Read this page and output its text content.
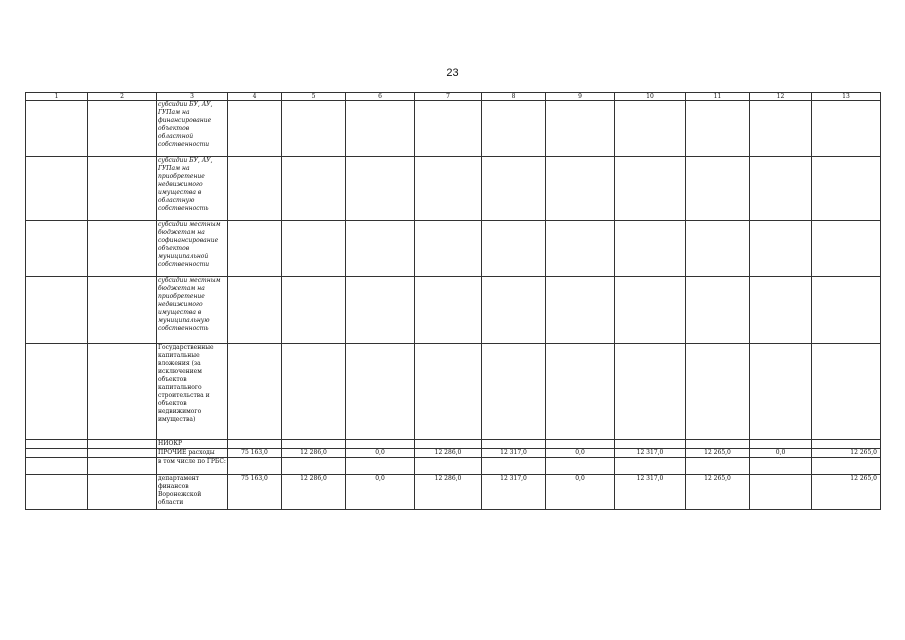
23
1	2	3	4	5	6	7	8	9	10	11	12	13
		субсидии БУ, АУ, ГУПам на финансирование объектов областной собственности										
		субсидии БУ, АУ, ГУПам на приобретение недвижимого имущества в областную собственность										
		субсидии местным бюджетам на софинансирование объектов муниципальной собственности										
		субсидии местным бюджетам на приобретение недвижимого имущества в муниципальную собственность										
		Государственные капитальные вложения (за исключением объектов капитального строительства и объектов недвижимого имущества)										
		НИОКР										
		ПРОЧИЕ расходы	75 163,0	12 286,0	0,0	12 286,0	12 317,0	0,0	12 317,0	12 265,0	0,0	12 265,0
		в том числе по ГРБС:										
		департамент финансов Воронежской области	75 163,0	12 286,0	0,0	12 286,0	12 317,0	0,0	12 317,0	12 265,0		12 265,0
